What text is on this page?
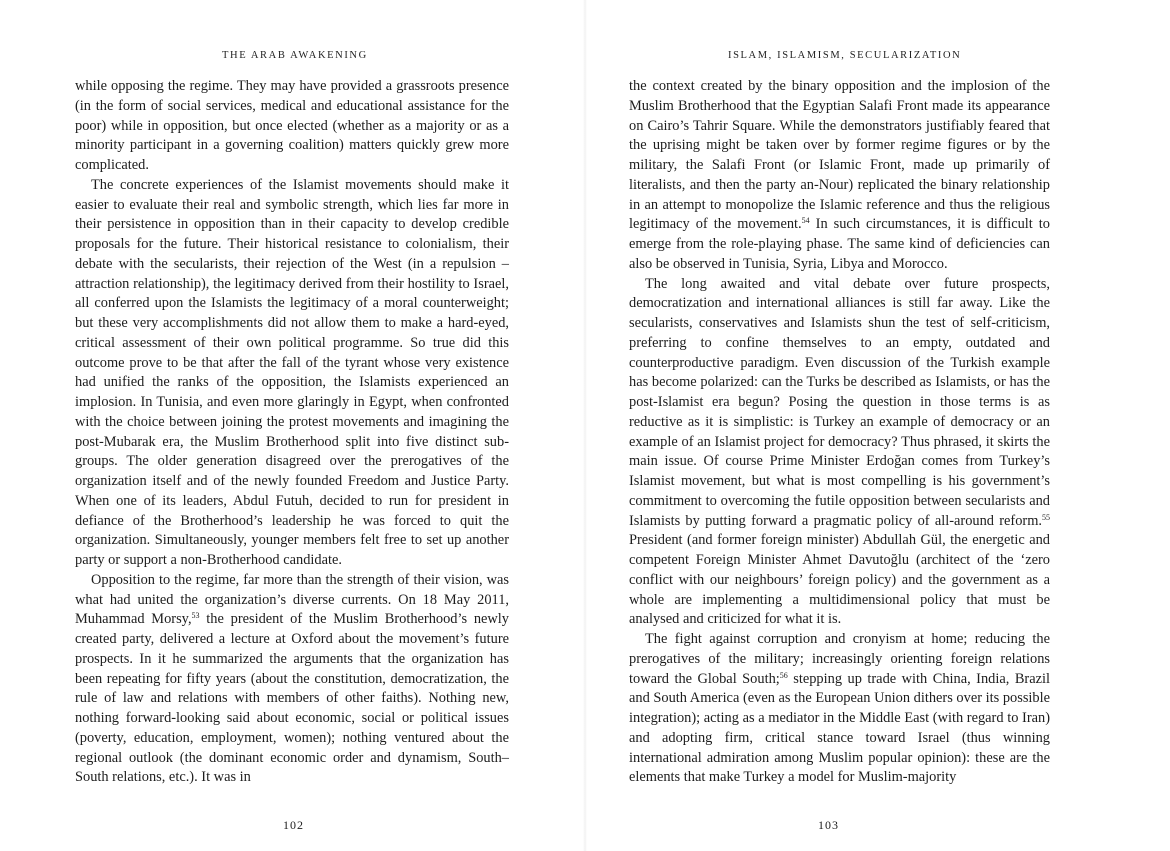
THE ARAB AWAKENING

while opposing the regime. They may have provided a grassroots presence (in the form of social services, medical and educational assistance for the poor) while in opposition, but once elected (whether as a majority or as a minority participant in a governing coalition) matters quickly grew more complicated.

The concrete experiences of the Islamist movements should make it easier to evaluate their real and symbolic strength, which lies far more in their persistence in opposition than in their capacity to develop credible proposals for the future. Their historical resistance to colonialism, their debate with the secularists, their rejection of the West (in a repulsion – attraction relationship), the legitimacy derived from their hostility to Israel, all conferred upon the Islamists the legitimacy of a moral counterweight; but these very accomplishments did not allow them to make a hard-eyed, critical assessment of their own political programme. So true did this outcome prove to be that after the fall of the tyrant whose very existence had unified the ranks of the opposition, the Islamists experienced an implosion. In Tunisia, and even more glaringly in Egypt, when confronted with the choice between joining the protest movements and imagining the post-Mubarak era, the Muslim Brotherhood split into five distinct sub-groups. The older generation disagreed over the prerogatives of the organization itself and of the newly founded Freedom and Justice Party. When one of its leaders, Abdul Futuh, decided to run for president in defiance of the Brotherhood’s leadership he was forced to quit the organization. Simultaneously, younger members felt free to set up another party or support a non-Brotherhood candidate.

Opposition to the regime, far more than the strength of their vision, was what had united the organization’s diverse currents. On 18 May 2011, Muhammad Morsy,$^{53}$ the president of the Muslim Brotherhood’s newly created party, delivered a lecture at Oxford about the movement’s future prospects. In it he summarized the arguments that the organization has been repeating for fifty years (about the constitution, democratization, the rule of law and relations with members of other faiths). Nothing new, nothing forward-looking said about economic, social or political issues (poverty, education, employment, women); nothing ventured about the regional outlook (the dominant economic order and dynamism, South–South relations, etc.). It was in

102
ISLAM, ISLAMISM, SECULARIZATION

the context created by the binary opposition and the implosion of the Muslim Brotherhood that the Egyptian Salafi Front made its appearance on Cairo’s Tahrir Square. While the demonstrators justifiably feared that the uprising might be taken over by former regime figures or by the military, the Salafi Front (or Islamic Front, made up primarily of literalists, and then the party an-Nour) replicated the binary relationship in an attempt to monopolize the Islamic reference and thus the religious legitimacy of the movement.$^{54}$ In such circumstances, it is difficult to emerge from the role-playing phase. The same kind of deficiencies can also be observed in Tunisia, Syria, Libya and Morocco.

The long awaited and vital debate over future prospects, democratization and international alliances is still far away. Like the secularists, conservatives and Islamists shun the test of self-criticism, preferring to confine themselves to an empty, outdated and counterproductive paradigm. Even discussion of the Turkish example has become polarized: can the Turks be described as Islamists, or has the post-Islamist era begun? Posing the question in those terms is as reductive as it is simplistic: is Turkey an example of democracy or an example of an Islamist project for democracy? Thus phrased, it skirts the main issue. Of course Prime Minister Erdoğan comes from Turkey’s Islamist movement, but what is most compelling is his government’s commitment to overcoming the futile opposition between secularists and Islamists by putting forward a pragmatic policy of all-around reform.$^{55}$ President (and former foreign minister) Abdullah Gül, the energetic and competent Foreign Minister Ahmet Davutoğlu (architect of the ‘zero conflict with our neighbours’ foreign policy) and the government as a whole are implementing a multidimensional policy that must be analysed and criticized for what it is.

The fight against corruption and cronyism at home; reducing the prerogatives of the military; increasingly orienting foreign relations toward the Global South;$^{56}$ stepping up trade with China, India, Brazil and South America (even as the European Union dithers over its possible integration); acting as a mediator in the Middle East (with regard to Iran) and adopting firm, critical stance toward Israel (thus winning international admiration among Muslim popular opinion): these are the elements that make Turkey a model for Muslim-majority

103
